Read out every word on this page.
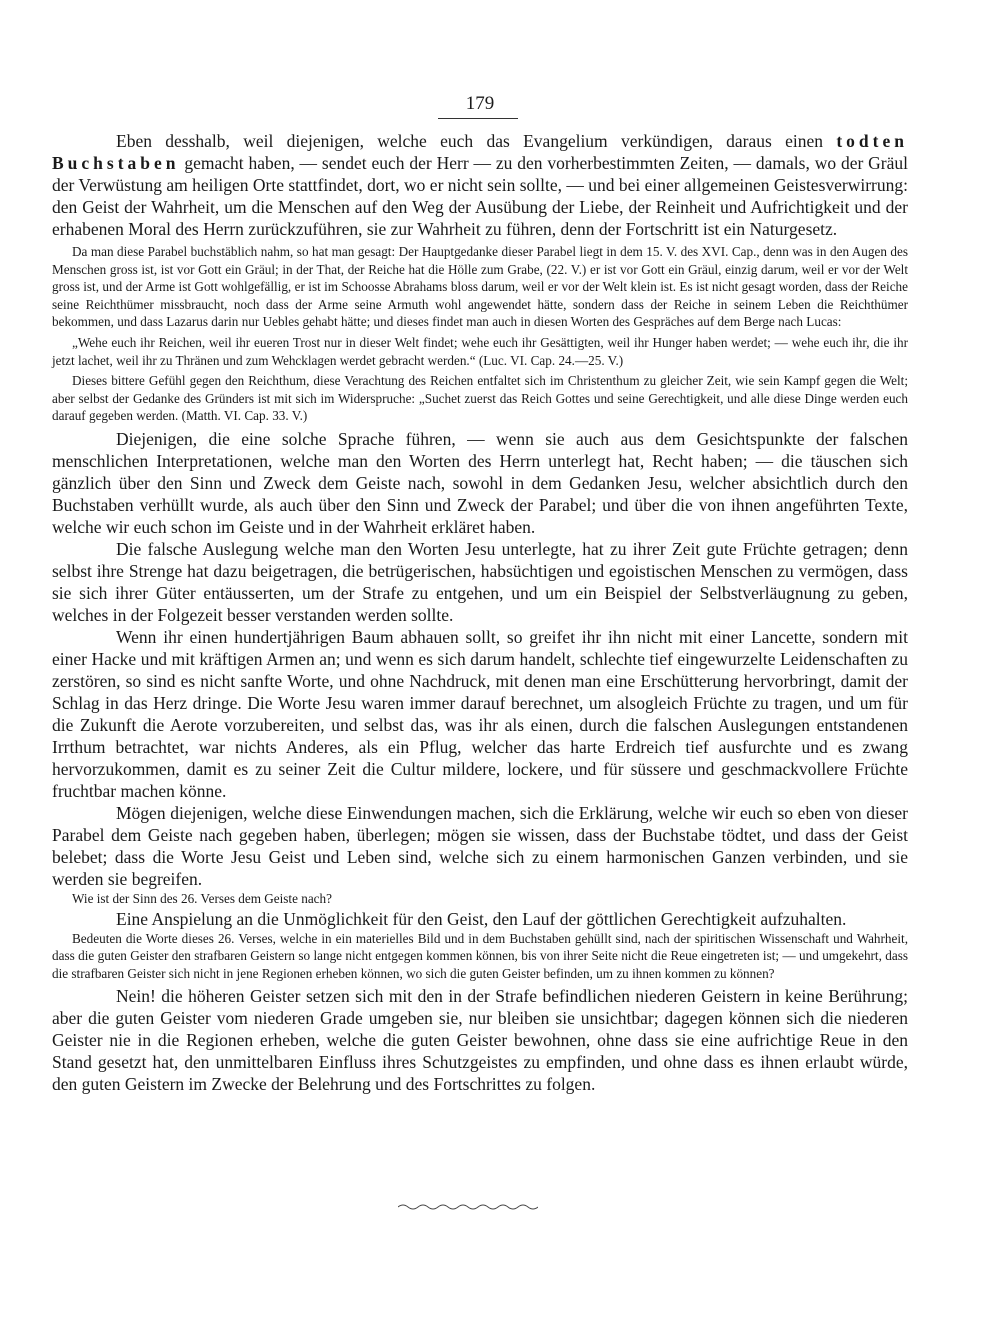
179

Eben desshalb, weil diejenigen, welche euch das Evangelium verkündigen, daraus einen todten Buchstaben gemacht haben, — sendet euch der Herr — zu den vorherbestimmten Zeiten, — damals, wo der Gräul der Verwüstung am heiligen Orte stattfindet, dort, wo er nicht sein sollte, — und bei einer allgemeinen Geistesverwirrung: den Geist der Wahrheit, um die Menschen auf den Weg der Ausübung der Liebe, der Reinheit und Aufrichtigkeit und der erhabenen Moral des Herrn zurückzuführen, sie zur Wahrheit zu führen, denn der Fortschritt ist ein Naturgesetz.

Da man diese Parabel buchstäblich nahm, so hat man gesagt: Der Hauptgedanke dieser Parabel liegt in dem 15. V. des XVI. Cap., denn was in den Augen des Menschen gross ist, ist vor Gott ein Gräul; in der That, der Reiche hat die Hölle zum Grabe, (22. V.) er ist vor Gott ein Gräul, einzig darum, weil er vor der Welt gross ist, und der Arme ist Gott wohlgefällig, er ist im Schoosse Abrahams bloss darum, weil er vor der Welt klein ist. Es ist nicht gesagt worden, dass der Reiche seine Reichthümer missbraucht, noch dass der Arme seine Armuth wohl angewendet hätte, sondern dass der Reiche in seinem Leben die Reichthümer bekommen, und dass Lazarus darin nur Uebles gehabt hätte; und dieses findet man auch in diesen Worten des Gespräches auf dem Berge nach Lucas:

„Wehe euch ihr Reichen, weil ihr eueren Trost nur in dieser Welt findet; wehe euch ihr Gesättigten, weil ihr Hunger haben werdet; — wehe euch ihr, die ihr jetzt lachet, weil ihr zu Thränen und zum Wehcklagen werdet gebracht werden.“ (Luc. VI. Cap. 24.—25. V.)

Dieses bittere Gefühl gegen den Reichthum, diese Verachtung des Reichen entfaltet sich im Christenthum zu gleicher Zeit, wie sein Kampf gegen die Welt; aber selbst der Gedanke des Gründers ist mit sich im Widerspruche: „Suchet zuerst das Reich Gottes und seine Gerechtigkeit, und alle diese Dinge werden euch darauf gegeben werden. (Matth. VI. Cap. 33. V.)

Diejenigen, die eine solche Sprache führen, — wenn sie auch aus dem Gesichtspunkte der falschen menschlichen Interpretationen, welche man den Worten des Herrn unterlegt hat, Recht haben; — die täuschen sich gänzlich über den Sinn und Zweck dem Geiste nach, sowohl in dem Gedanken Jesu, welcher absichtlich durch den Buchstaben verhüllt wurde, als auch über den Sinn und Zweck der Parabel; und über die von ihnen angeführten Texte, welche wir euch schon im Geiste und in der Wahrheit erkläret haben.

Die falsche Auslegung welche man den Worten Jesu unterlegte, hat zu ihrer Zeit gute Früchte getragen; denn selbst ihre Strenge hat dazu beigetragen, die betrügerischen, habsüchtigen und egoistischen Menschen zu vermögen, dass sie sich ihrer Güter entäusserten, um der Strafe zu entgehen, und um ein Beispiel der Selbstverläugnung zu geben, welches in der Folgezeit besser verstanden werden sollte.

Wenn ihr einen hundertjährigen Baum abhauen sollt, so greifet ihr ihn nicht mit einer Lancette, sondern mit einer Hacke und mit kräftigen Armen an; und wenn es sich darum handelt, schlechte tief eingewurzelte Leidenschaften zu zerstören, so sind es nicht sanfte Worte, und ohne Nachdruck, mit denen man eine Erschütterung hervorbringt, damit der Schlag in das Herz dringe. Die Worte Jesu waren immer darauf berechnet, um alsogleich Früchte zu tragen, und um für die Zukunft die Aerote vorzubereiten, und selbst das, was ihr als einen, durch die falschen Auslegungen entstandenen Irrthum betrachtet, war nichts Anderes, als ein Pflug, welcher das harte Erdreich tief ausfurchte und es zwang hervorzukommen, damit es zu seiner Zeit die Cultur mildere, lockere, und für süssere und geschmackvollere Früchte fruchtbar machen könne.

Mögen diejenigen, welche diese Einwendungen machen, sich die Erklärung, welche wir euch so eben von dieser Parabel dem Geiste nach gegeben haben, überlegen; mögen sie wissen, dass der Buchstabe tödtet, und dass der Geist belebet; dass die Worte Jesu Geist und Leben sind, welche sich zu einem harmonischen Ganzen verbinden, und sie werden sie begreifen.

Wie ist der Sinn des 26. Verses dem Geiste nach?

Eine Anspielung an die Unmöglichkeit für den Geist, den Lauf der göttlichen Gerechtigkeit aufzuhalten.

Bedeuten die Worte dieses 26. Verses, welche in ein materielles Bild und in dem Buchstaben gehüllt sind, nach der spiritischen Wissenschaft und Wahrheit, dass die guten Geister den strafbaren Geistern so lange nicht entgegen kommen können, bis von ihrer Seite nicht die Reue eingetreten ist; — und umgekehrt, dass die strafbaren Geister sich nicht in jene Regionen erheben können, wo sich die guten Geister befinden, um zu ihnen kommen zu können?

Nein! die höheren Geister setzen sich mit den in der Strafe befindlichen niederen Geistern in keine Berührung; aber die guten Geister vom niederen Grade umgeben sie, nur bleiben sie unsichtbar; dagegen können sich die niederen Geister nie in die Regionen erheben, welche die guten Geister bewohnen, ohne dass sie eine aufrichtige Reue in den Stand gesetzt hat, den unmittelbaren Einfluss ihres Schutzgeistes zu empfinden, und ohne dass es ihnen erlaubt würde, den guten Geistern im Zwecke der Belehrung und des Fortschrittes zu folgen.
